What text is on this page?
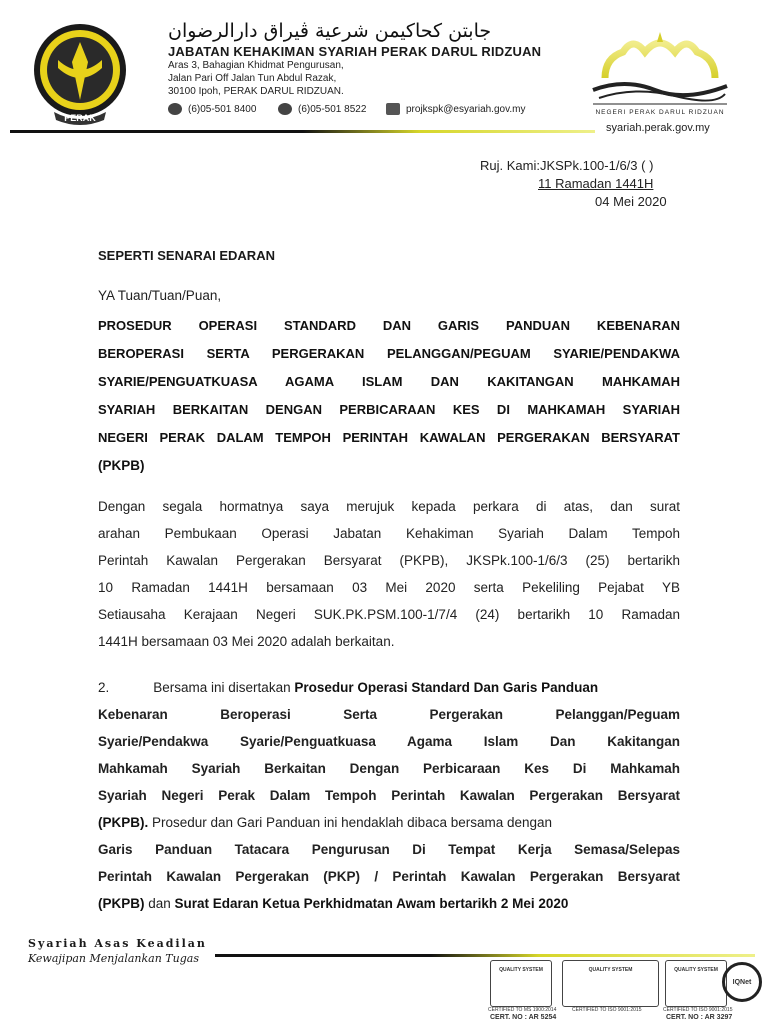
PERAK
جابتن كحاكيمن شرعية ڤيراق دارالرضوان
JABATAN KEHAKIMAN SYARIAH PERAK DARUL RIDZUAN
Aras 3, Bahagian Khidmat Pengurusan,
Jalan Pari Off Jalan Tun Abdul Razak,
30100 Ipoh, PERAK DARUL RIDZUAN.
(6)05-501 8400	(6)05-501 8522	projkspk@esyariah.gov.my	NEGERI PERAK DARUL RIDZUAN
syariah.perak.gov.my
Ruj. Kami:JKSPk.100-1/6/3 ( )
11 Ramadan 1441H
04 Mei 2020
SEPERTI SENARAI EDARAN
YA Tuan/Tuan/Puan,
PROSEDUR OPERASI STANDARD DAN GARIS PANDUAN KEBENARAN
BEROPERASI SERTA PERGERAKAN PELANGGAN/PEGUAM SYARIE/PENDAKWA
SYARIE/PENGUATKUASA AGAMA ISLAM DAN KAKITANGAN MAHKAMAH
SYARIAH BERKAITAN DENGAN PERBICARAAN KES DI MAHKAMAH SYARIAH
NEGERI PERAK DALAM TEMPOH PERINTAH KAWALAN PERGERAKAN BERSYARAT
(PKPB)
Dengan segala hormatnya saya merujuk kepada perkara di atas, dan surat
arahan Pembukaan Operasi Jabatan Kehakiman Syariah Dalam Tempoh
Perintah Kawalan Pergerakan Bersyarat (PKPB), JKSPk.100-1/6/3 (25) bertarikh
10 Ramadan 1441H bersamaan 03 Mei 2020 serta Pekeliling Pejabat YB
Setiausaha Kerajaan Negeri SUK.PK.PSM.100-1/7/4 (24) bertarikh 10 Ramadan
1441H bersamaan 03 Mei 2020 adalah berkaitan.
2.	Bersama ini disertakan Prosedur Operasi Standard Dan Garis Panduan
Kebenaran Beroperasi Serta Pergerakan Pelanggan/Peguam
Syarie/Pendakwa Syarie/Penguatkuasa Agama Islam Dan Kakitangan
Mahkamah Syariah Berkaitan Dengan Perbicaraan Kes Di Mahkamah
Syariah Negeri Perak Dalam Tempoh Perintah Kawalan Pergerakan Bersyarat
(PKPB). Prosedur dan Gari Panduan ini hendaklah dibaca bersama dengan
Garis Panduan Tatacara Pengurusan Di Tempat Kerja Semasa/Selepas
Perintah Kawalan Pergerakan (PKP) / Perintah Kawalan Pergerakan Bersyarat
(PKPB) dan Surat Edaran Ketua Perkhidmatan Awam bertarikh 2 Mei 2020
Syariah Asas Keadilan
Kewajipan Menjalankan Tugas
QUALITY SYSTEM
CERTIFIED TO MS 1900:2014
CERT. NO : AR 5254
QUALITY SYSTEM
CERTIFIED TO ISO 9001:2015
QUALITY SYSTEM
CERTIFIED TO ISO 9001:2015
CERT. NO : AR 3297
IQNet
